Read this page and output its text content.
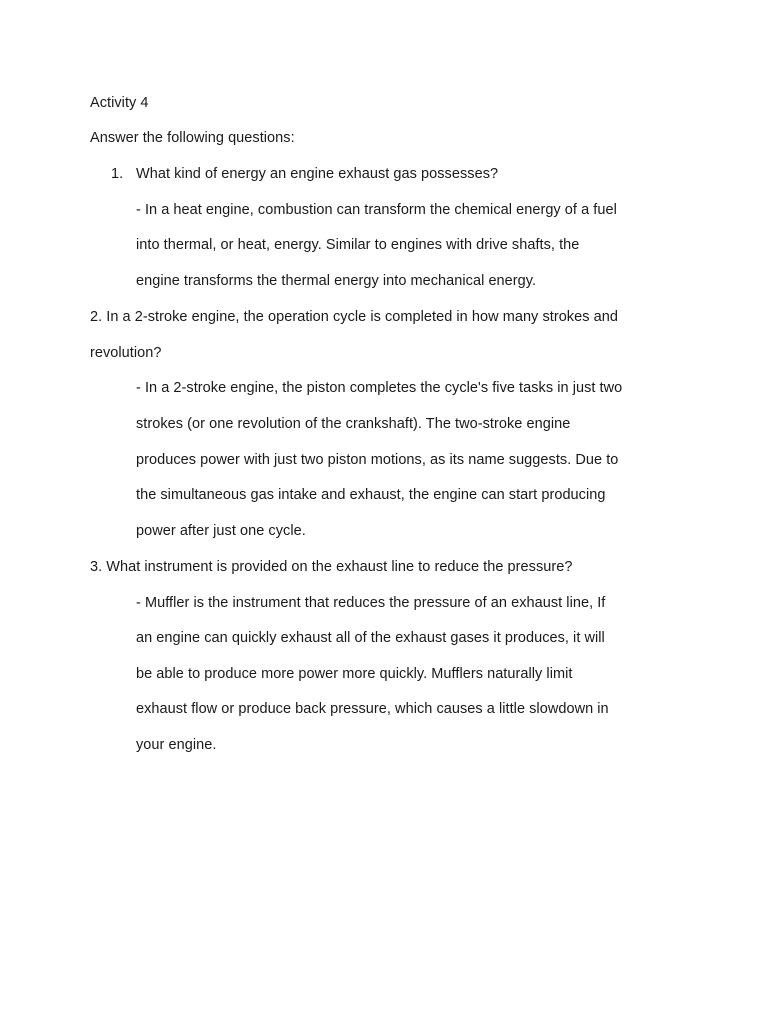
Activity 4
Answer the following questions:
1. What kind of energy an engine exhaust gas possesses?
- In a heat engine, combustion can transform the chemical energy of a fuel
into thermal, or heat, energy. Similar to engines with drive shafts, the
engine transforms the thermal energy into mechanical energy.
2. In a 2-stroke engine, the operation cycle is completed in how many strokes and
revolution?
- In a 2-stroke engine, the piston completes the cycle's five tasks in just two
strokes (or one revolution of the crankshaft). The two-stroke engine
produces power with just two piston motions, as its name suggests. Due to
the simultaneous gas intake and exhaust, the engine can start producing
power after just one cycle.
3. What instrument is provided on the exhaust line to reduce the pressure?
- Muffler is the instrument that reduces the pressure of an exhaust line, If
an engine can quickly exhaust all of the exhaust gases it produces, it will
be able to produce more power more quickly. Mufflers naturally limit
exhaust flow or produce back pressure, which causes a little slowdown in
your engine.
